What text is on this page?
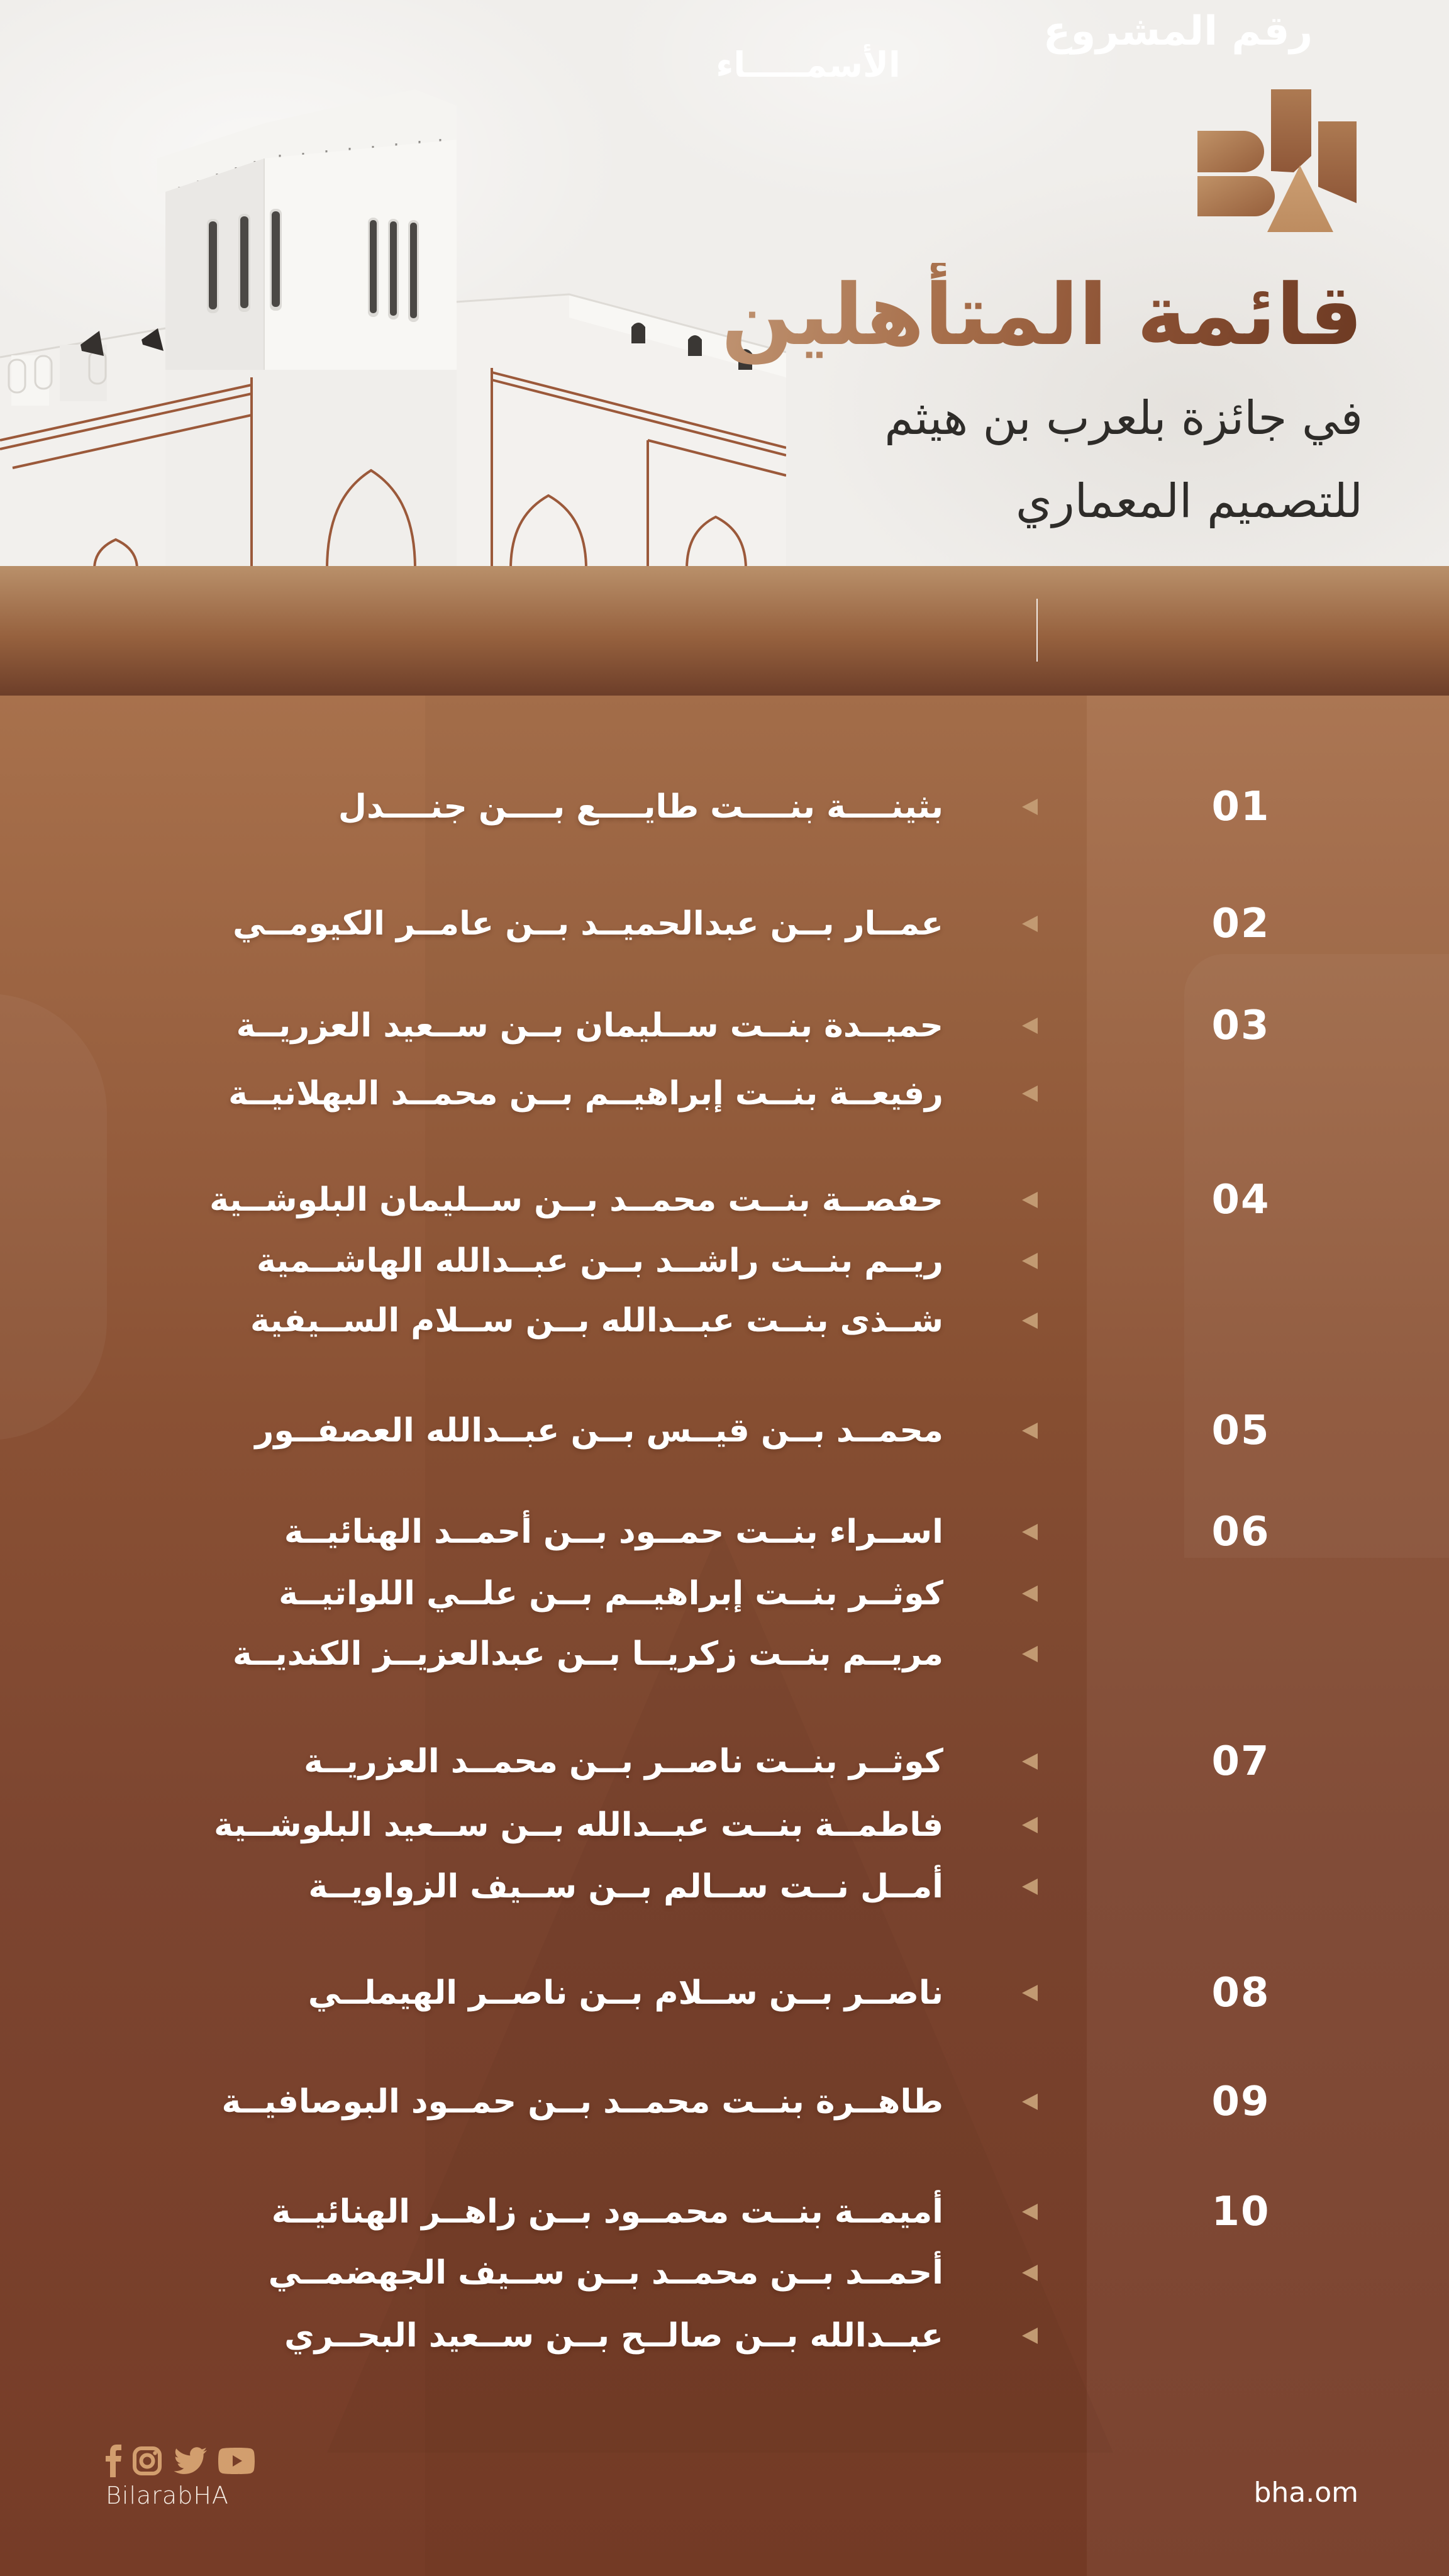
قائمة المتأهلين
في جائزة بلعرب بن هيثم
للتصميم المعماري
رقم المشروع
الأسمـــــاء
01
بثينــــة بنــــت طايــــع بــــن جنــــدل
02
عمــار بــن عبدالحميــد بــن عامــر الكيومــي
03
حميــدة بنــت ســليمان بــن ســعيد العزريــة
رفيعــة بنــت إبراهيــم بــن محمــد البهلانيــة
04
حفصــة بنــت محمــد بــن ســليمان البلوشــية
ريــم بنــت راشــد بــن عبــدالله الهاشــمية
شــذى بنــت عبــدالله بــن ســلام الســيفية
05
محمــد بــن قيــس بــن عبــدالله العصفــور
06
اســراء بنــت حمــود بــن أحمــد الهنائيــة
كوثــر بنــت إبراهيــم بــن علــي اللواتيــة
مريــم بنــت زكريــا بــن عبدالعزيــز الكنديــة
07
كوثــر بنــت ناصــر بــن محمــد العزريــة
فاطمــة بنــت عبــدالله بــن ســعيد البلوشــية
أمــل نــت ســالم بــن ســيف الزواويــة
08
ناصــر بــن ســلام بــن ناصــر الهيملــي
09
طاهــرة بنــت محمــد بــن حمــود البوصافيــة
10
أميمــة بنــت محمــود بــن زاهــر الهنائيــة
أحمــد بــن محمــد بــن ســيف الجهضمــي
عبــدالله بــن صالــح بــن ســعيد البحــري
BilarabHA	bha.om
